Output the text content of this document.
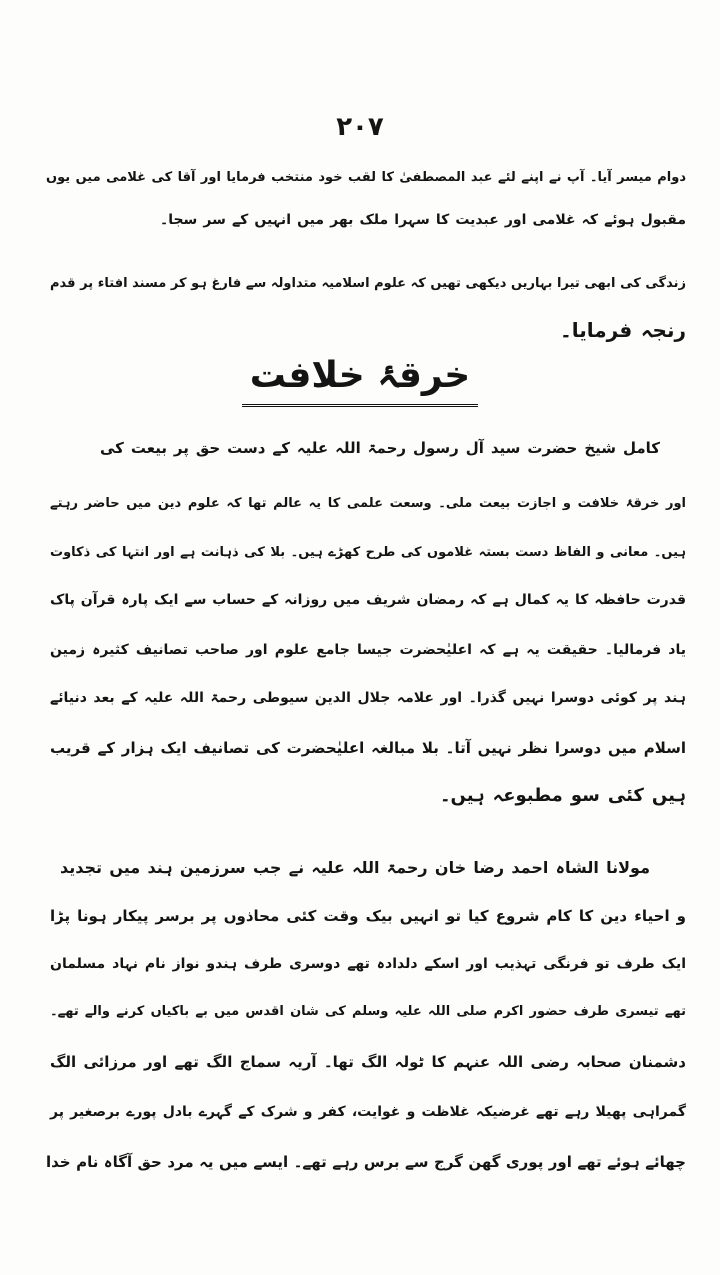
۲۰۷
دوام میسر آیا۔ آپ نے اپنے لئے عبد المصطفیٰ کا لقب خود منتخب فرمایا اور آقا کی غلامی میں یوں
مقبول ہوئے کہ غلامی اور عبدیت کا سہرا ملک بھر میں انہیں کے سر سجا۔
زندگی کی ابھی تیرا بہاریں دیکھی تھیں کہ علوم اسلامیہ متداولہ سے فارغ ہو کر مسند افتاء پر قدم
رنجہ فرمایا۔
خرقۂ خلافت
کامل شیخ حضرت سید آل رسول رحمۃ اللہ علیہ کے دست حق پر بیعت کی
اور خرقۂ خلافت و اجازت بیعت ملی۔ وسعت علمی کا یہ عالم تھا کہ علوم دین میں حاضر رہتے
ہیں۔ معانی و الفاظ دست بستہ غلاموں کی طرح کھڑے ہیں۔ بلا کی ذہانت ہے اور انتہا کی ذکاوت
قدرت حافظہ کا یہ کمال ہے کہ رمضان شریف میں روزانہ کے حساب سے ایک پارہ قرآن پاک
یاد فرمالیا۔ حقیقت یہ ہے کہ اعلیٰحضرت جیسا جامع علوم اور صاحب تصانیف کثیرہ زمین
ہند پر کوئی دوسرا نہیں گذرا۔ اور علامہ جلال الدین سیوطی رحمۃ اللہ علیہ کے بعد دنیائے
اسلام میں دوسرا نظر نہیں آتا۔ بلا مبالغہ اعلیٰحضرت کی تصانیف ایک ہزار کے قریب
ہیں کئی سو مطبوعہ ہیں۔
مولانا الشاہ احمد رضا خان رحمۃ اللہ علیہ نے جب سرزمین ہند میں تجدید
و احیاء دین کا کام شروع کیا تو انہیں بیک وقت کئی محاذوں پر برسر پیکار ہونا پڑا
ایک طرف تو فرنگی تہذیب اور اسکے دلدادہ تھے دوسری طرف ہندو نواز نام نہاد مسلمان
تھے تیسری طرف حضور اکرم صلی اللہ علیہ وسلم کی شان اقدس میں بے باکیاں کرنے والے تھے۔
دشمنان صحابہ رضی اللہ عنہم کا ٹولہ الگ تھا۔ آریہ سماج الگ تھے اور مرزائی الگ
گمراہی پھیلا رہے تھے غرضیکہ غلاظت و غوایت، کفر و شرک کے گہرے بادل پورے برصغیر پر
چھائے ہوئے تھے اور پوری گھن گرج سے برس رہے تھے۔ ایسے میں یہ مرد حق آگاہ نام خدا
